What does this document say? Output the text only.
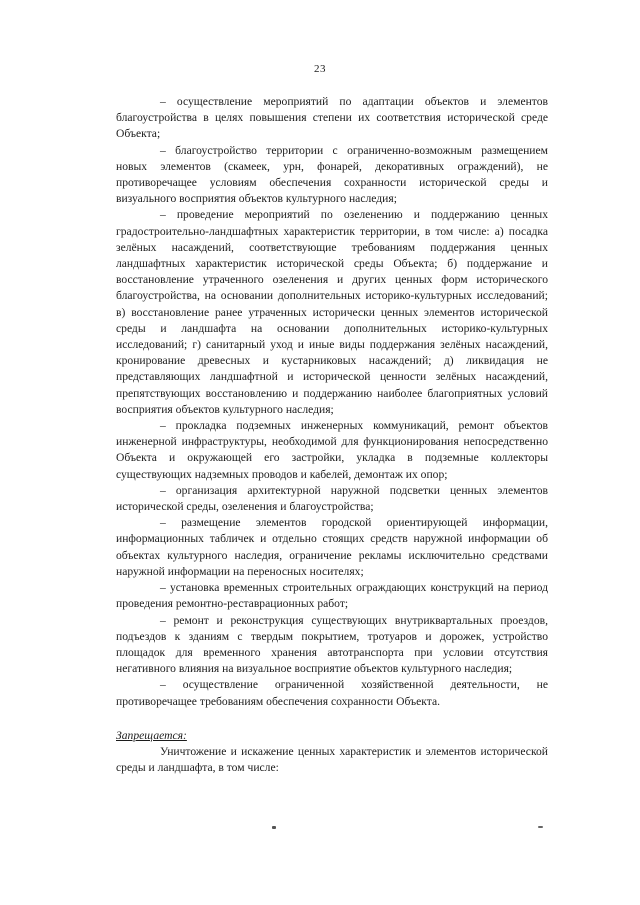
23

– осуществление мероприятий по адаптации объектов и элементов благоустройства в целях повышения степени их соответствия исторической среде Объекта;

– благоустройство территории с ограниченно-возможным размещением новых элементов (скамеек, урн, фонарей, декоративных ограждений), не противоречащее условиям обеспечения сохранности исторической среды и визуального восприятия объектов культурного наследия;

– проведение мероприятий по озеленению и поддержанию ценных градостроительно-ландшафтных характеристик территории, в том числе: а) посадка зелёных насаждений, соответствующие требованиям поддержания ценных ландшафтных характеристик исторической среды Объекта; б) поддержание и восстановление утраченного озеленения и других ценных форм исторического благоустройства, на основании дополнительных историко-культурных исследований; в) восстановление ранее утраченных исторически ценных элементов исторической среды и ландшафта на основании дополнительных историко-культурных исследований; г) санитарный уход и иные виды поддержания зелёных насаждений, кронирование древесных и кустарниковых насаждений; д) ликвидация не представляющих ландшафтной и исторической ценности зелёных насаждений, препятствующих восстановлению и поддержанию наиболее благоприятных условий восприятия объектов культурного наследия;

– прокладка подземных инженерных коммуникаций, ремонт объектов инженерной инфраструктуры, необходимой для функционирования непосредственно Объекта и окружающей его застройки, укладка в подземные коллекторы существующих надземных проводов и кабелей, демонтаж их опор;

– организация архитектурной наружной подсветки ценных элементов исторической среды, озеленения и благоустройства;

– размещение элементов городской ориентирующей информации, информационных табличек и отдельно стоящих средств наружной информации об объектах культурного наследия, ограничение рекламы исключительно средствами наружной информации на переносных носителях;

– установка временных строительных ограждающих конструкций на период проведения ремонтно-реставрационных работ;

– ремонт и реконструкция существующих внутриквартальных проездов, подъездов к зданиям с твердым покрытием, тротуаров и дорожек, устройство площадок для временного хранения автотранспорта при условии отсутствия негативного влияния на визуальное восприятие объектов культурного наследия;

– осуществление ограниченной хозяйственной деятельности, не противоречащее требованиям обеспечения сохранности Объекта.

Запрещается:

Уничтожение и искажение ценных характеристик и элементов исторической среды и ландшафта, в том числе:
